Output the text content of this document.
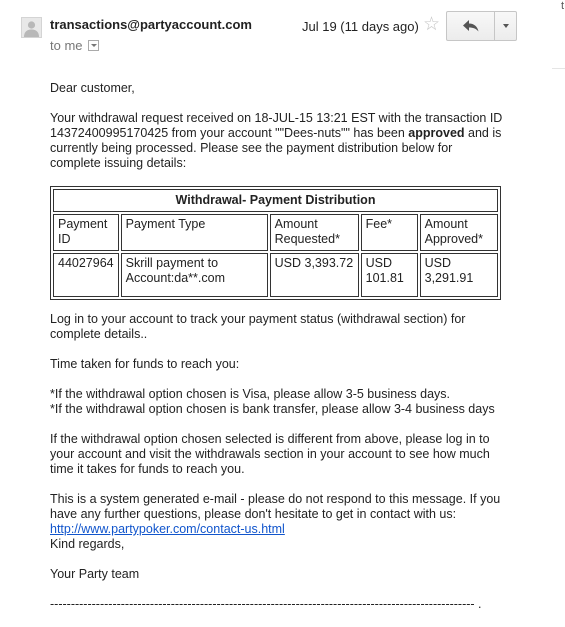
transactions@partyaccount.com
to me
Jul 19 (11 days ago) ☆
t

Dear customer,

Your withdrawal request received on 18-JUL-15 13:21 EST with the transaction ID 14372400995170425 from your account ""Dees-nuts"" has been approved and is currently being processed. Please see the payment distribution below for complete issuing details:

Withdrawal- Payment Distribution				
Payment ID	Payment Type	Amount Requested*	Fee*	Amount Approved*
44027964	Skrill payment to Account:da**.com	USD 3,393.72	USD 101.81	USD 3,291.91

Log in to your account to track your payment status (withdrawal section) for complete details..

Time taken for funds to reach you:

*If the withdrawal option chosen is Visa, please allow 3-5 business days.
*If the withdrawal option chosen is bank transfer, please allow 3-4 business days

If the withdrawal option chosen selected is different from above, please log in to your account and visit the withdrawals section in your account to see how much time it takes for funds to reach you.

This is a system generated e-mail - please do not respond to this message. If you have any further questions, please don't hesitate to get in contact with us:
http://www.partypoker.com/contact-us.html
Kind regards,

Your Party team

------------------------------------------------------------------------------------------------------ .
